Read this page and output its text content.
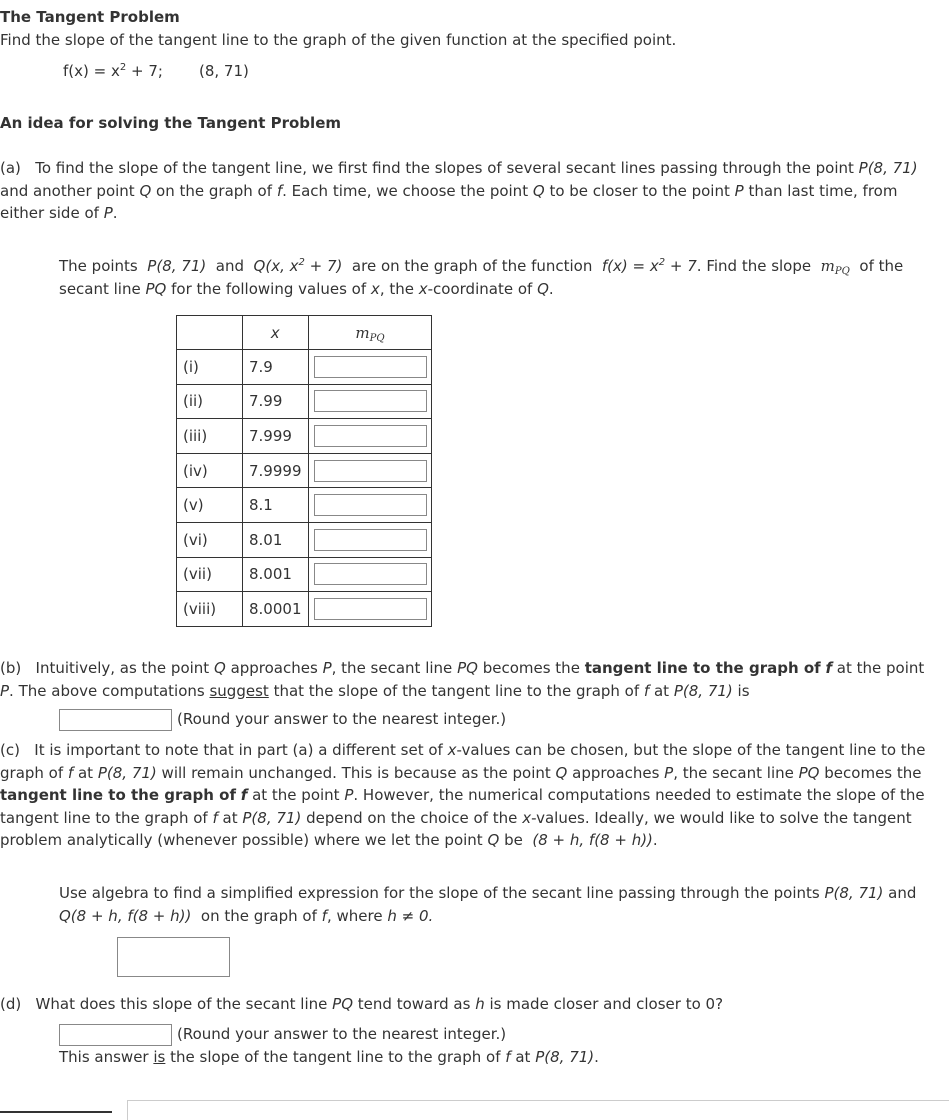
The Tangent Problem
Find the slope of the tangent line to the graph of the given function at the specified point.
$f(x) = x^2 + 7$; (8, 71)
An idea for solving the Tangent Problem
(a) To find the slope of the tangent line, we first find the slopes of several secant lines passing through the point P(8, 71) and another point Q on the graph of f. Each time, we choose the point Q to be closer to the point P than last time, from either side of P.
The points P(8, 71) and Q(x, $x^2 + 7$) are on the graph of the function $f(x) = x^2 + 7$. Find the slope $m_{PQ}$ of the secant line PQ for the following values of x, the x-coordinate of Q.
	x	$m_{PQ}$
(i)	7.9	

(ii)	7.99	

(iii)	7.999	

(iv)	7.9999	

(v)	8.1	

(vi)	8.01	

(vii)	8.001	

(viii)	8.0001	
(b) Intuitively, as the point Q approaches P, the secant line PQ becomes the tangent line to the graph of f at the point P. The above computations suggest that the slope of the tangent line to the graph of f at P(8, 71) is
(Round your answer to the nearest integer.)
(c) It is important to note that in part (a) a different set of x-values can be chosen, but the slope of the tangent line to the graph of f at P(8, 71) will remain unchanged. This is because as the point Q approaches P, the secant line PQ becomes the tangent line to the graph of f at the point P. However, the numerical computations needed to estimate the slope of the tangent line to the graph of f at P(8, 71) depend on the choice of the x-values. Ideally, we would like to solve the tangent problem analytically (whenever possible) where we let the point Q be (8 + h, f(8 + h)).
Use algebra to find a simplified expression for the slope of the secant line passing through the points P(8, 71) and Q(8 + h, f(8 + h)) on the graph of f, where h ≠ 0.
(d) What does this slope of the secant line PQ tend toward as h is made closer and closer to 0?
(Round your answer to the nearest integer.)
This answer is the slope of the tangent line to the graph of f at P(8, 71).
